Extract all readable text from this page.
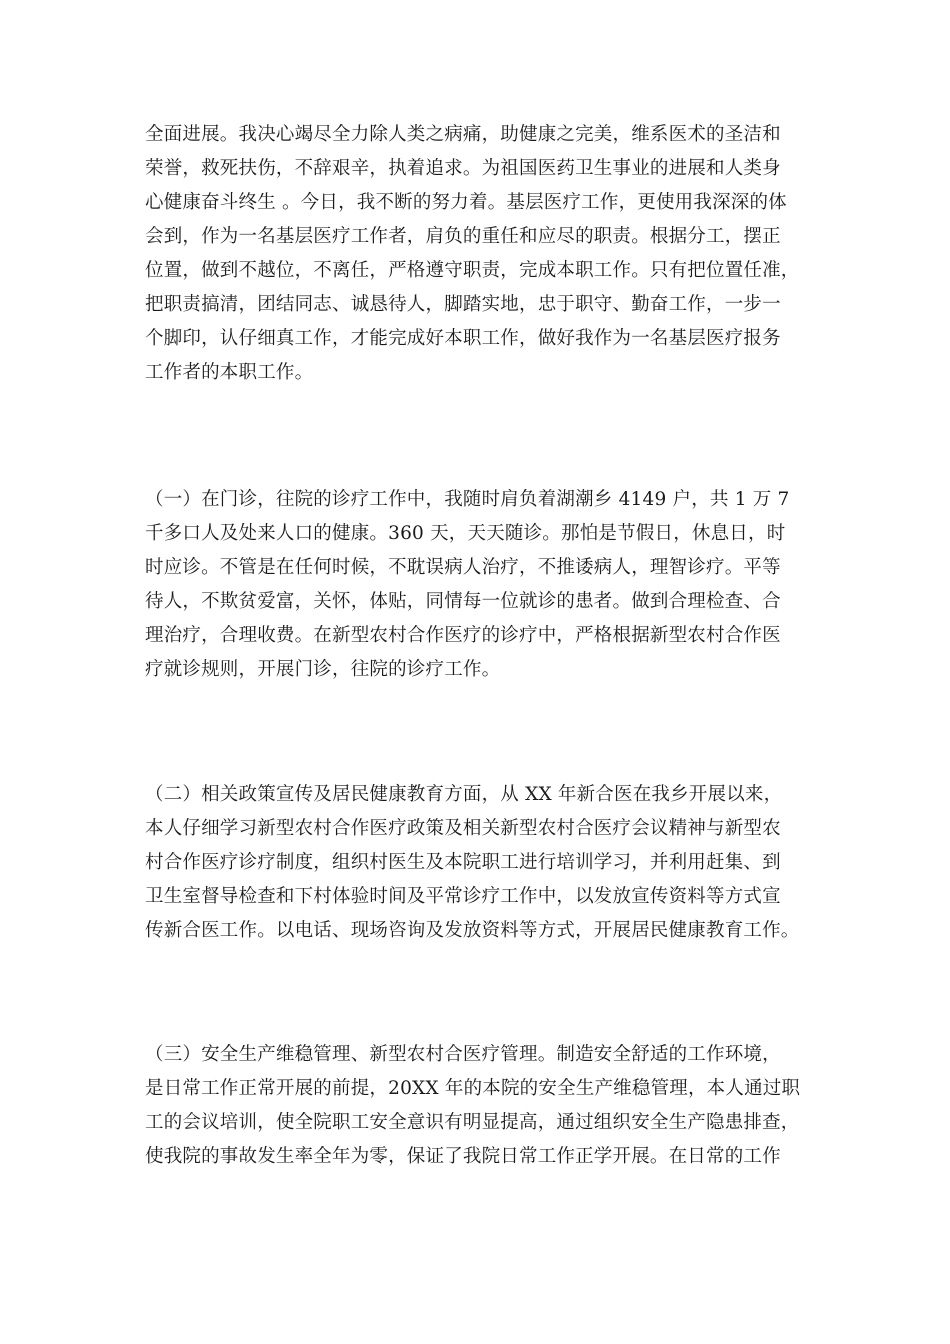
全面进展。我决心竭尽全力除人类之病痛，助健康之完美，维系医术的圣洁和
荣誉，救死扶伤，不辞艰辛，执着追求。为祖国医药卫生事业的进展和人类身
心健康奋斗终生 。今日，我不断的努力着。基层医疗工作，更使用我深深的体
会到，作为一名基层医疗工作者，肩负的重任和应尽的职责。根据分工，摆正
位置，做到不越位，不离任，严格遵守职责，完成本职工作。只有把位置任准，
把职责搞清，团结同志、诚恳待人，脚踏实地，忠于职守、勤奋工作，一步一
个脚印，认仔细真工作，才能完成好本职工作，做好我作为一名基层医疗报务
工作者的本职工作。
（一）在门诊，往院的诊疗工作中，我随时肩负着湖潮乡 4149 户，共 1 万 7
千多口人及处来人口的健康。360 天，天天随诊。那怕是节假日，休息日，时
时应诊。不管是在任何时候，不耽误病人治疗，不推诿病人，理智诊疗。平等
待人，不欺贫爱富，关怀，体贴，同情每一位就诊的患者。做到合理检查、合
理治疗，合理收费。在新型农村合作医疗的诊疗中，严格根据新型农村合作医
疗就诊规则，开展门诊，往院的诊疗工作。
（二）相关政策宣传及居民健康教育方面，从 XX 年新合医在我乡开展以来，
本人仔细学习新型农村合作医疗政策及相关新型农村合医疗会议精神与新型农
村合作医疗诊疗制度，组织村医生及本院职工进行培训学习，并利用赶集、到
卫生室督导检查和下村体验时间及平常诊疗工作中，以发放宣传资料等方式宣
传新合医工作。以电话、现场咨询及发放资料等方式，开展居民健康教育工作。
（三）安全生产维稳管理、新型农村合医疗管理。制造安全舒适的工作环境，
是日常工作正常开展的前提，20XX 年的本院的安全生产维稳管理，本人通过职
工的会议培训，使全院职工安全意识有明显提高，通过组织安全生产隐患排查，
使我院的事故发生率全年为零，保证了我院日常工作正学开展。在日常的工作
